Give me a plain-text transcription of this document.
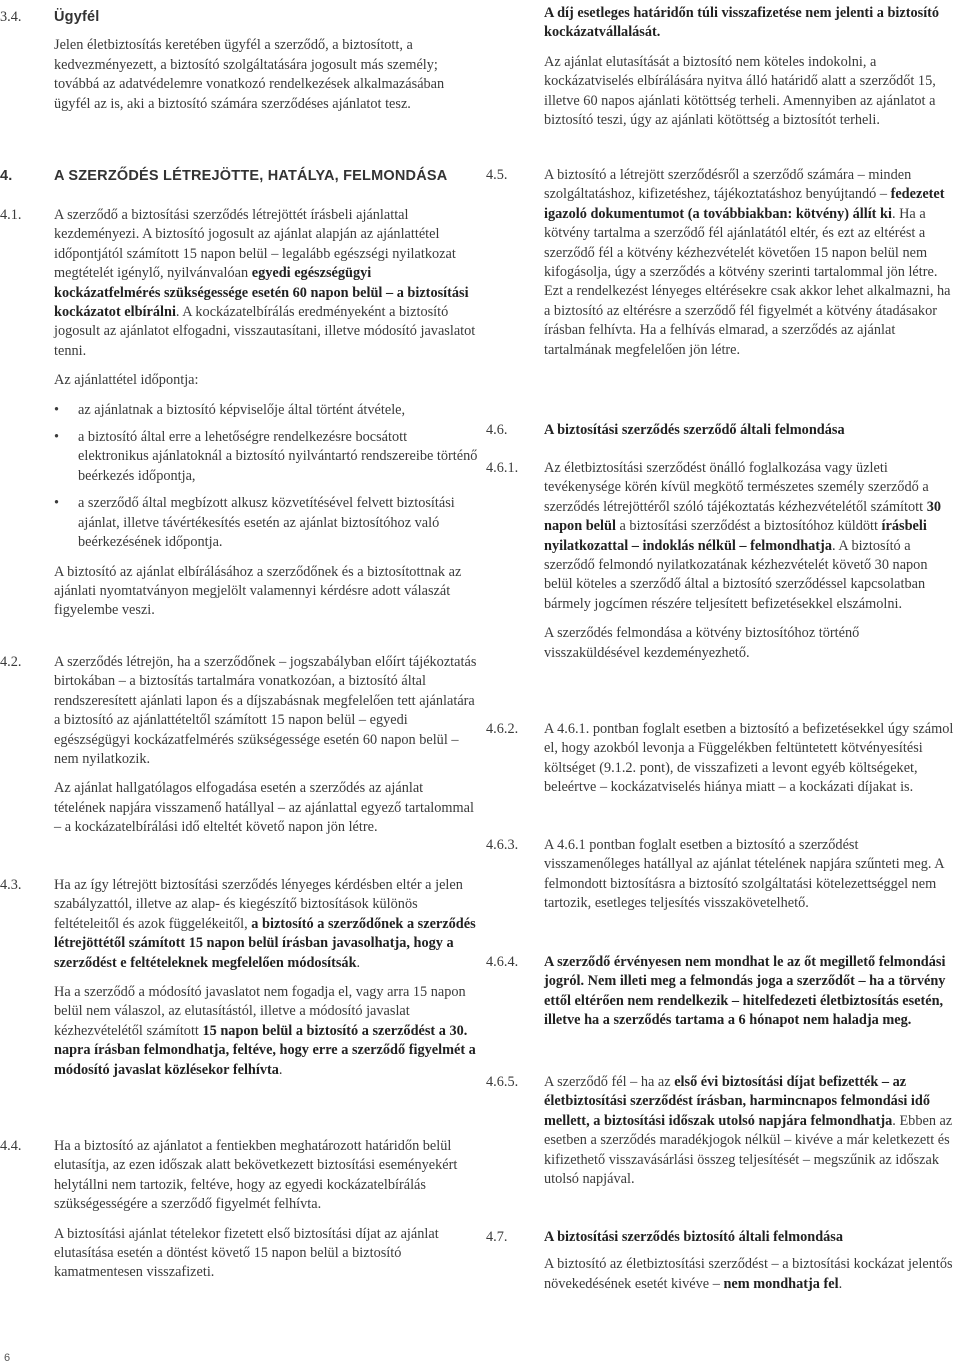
3.4. Ügyfél

Jelen életbiztosítás keretében ügyfél a szerződő, a biztosított, a kedvezményezett, a biztosító szolgáltatására jogosult más személy; továbbá az adatvédelemre vonatkozó rendelkezések alkalmazásában ügyfél az is, aki a biztosító számára szerződéses ajánlatot tesz.

4.	A SZERZŐDÉS LÉTREJÖTTE, HATÁLYA, FELMONDÁSA
4.1. A szerződő a biztosítási szerződés létrejöttét írásbeli ajánlattal kezdeményezi. A biztosító jogosult az ajánlat alapján az ajánlattétel időpontjától számított 15 napon belül – legalább egészségi nyilatkozat megtételét igénylő, nyilvánvalóan egyedi egészségügyi kockázatfelmérés szükségessége esetén 60 napon belül – a biztosítási kockázatot elbírálni. A kockázatelbírálás eredményeként a biztosító jogosult az ajánlatot elfogadni, visszautasítani, illetve módosító javaslatot tenni.

Az ajánlattétel időpontja:

• az ajánlatnak a biztosító képviselője által történt átvétele,
• a biztosító által erre a lehetőségre rendelkezésre bocsátott elektronikus ajánlatoknál a biztosító nyilvántartó rendszereibe történő beérkezés időpontja,
• a szerződő által megbízott alkusz közvetítésével felvett biztosítási ajánlat, illetve távértékesítés esetén az ajánlat biztosítóhoz való beérkezésének időpontja.

A biztosító az ajánlat elbírálásához a szerződőnek és a biztosítottnak az ajánlati nyomtatványon megjelölt valamennyi kérdésre adott válaszát figyelembe veszi.

4.2. A szerződés létrejön, ha a szerződőnek – jogszabályban előírt tájékoztatás birtokában – a biztosítás tartalmára vonatkozóan, a biztosító által rendszeresített ajánlati lapon és a díjszabásnak megfelelően tett ajánlatára a biztosító az ajánlattételtől számított 15 napon belül – egyedi egészségügyi kockázatfelmérés szükségessége esetén 60 napon belül – nem nyilatkozik.

Az ajánlat hallgatólagos elfogadása esetén a szerződés az ajánlat tételének napjára visszamenő hatállyal – az ajánlattal egyező tartalommal – a kockázatelbírálási idő elteltét követő napon jön létre.

4.3. Ha az így létrejött biztosítási szerződés lényeges kérdésben eltér a jelen szabályzattól, illetve az alap- és kiegészítő biztosítások különös feltételeitől és azok függelékeitől, a biztosító a szerződőnek a szerződés létrejöttétől számított 15 napon belül írásban javasolhatja, hogy a szerződést e feltételeknek megfelelően módosítsák.

Ha a szerződő a módosító javaslatot nem fogadja el, vagy arra 15 napon belül nem válaszol, az elutasítástól, illetve a módosító javaslat kézhezvételétől számított 15 napon belül a biztosító a szerződést a 30. napra írásban felmondhatja, feltéve, hogy erre a szerződő figyelmét a módosító javaslat közlésekor felhívta.

4.4. Ha a biztosító az ajánlatot a fentiekben meghatározott határidőn belül elutasítja, az ezen időszak alatt bekövetkezett biztosítási eseményekért helytállni nem tartozik, feltéve, hogy az egyedi kockázatelbírálás szükségességére a szerződő figyelmét felhívta.

A biztosítási ajánlat tételekor fizetett első biztosítási díjat az ajánlat elutasítása esetén a döntést követő 15 napon belül a biztosító kamatmentesen visszafizeti.

A díj esetleges határidőn túli visszafizetése nem jelenti a biztosító kockázatvállalását.

Az ajánlat elutasítását a biztosító nem köteles indokolni, a kockázatviselés elbírálására nyitva álló határidő alatt a szerződőt 15, illetve 60 napos ajánlati kötöttség terheli. Amennyiben az ajánlatot a biztosító teszi, úgy az ajánlati kötöttség a biztosítót terheli.

4.5.	A biztosító a létrejött szerződésről a szerződő számára – minden szolgáltatáshoz, kifizetéshez, tájékoztatáshoz benyújtandó – fedezetet igazoló dokumentumot (a továbbiakban: kötvény) állít ki. Ha a kötvény tartalma a szerződő fél ajánlatától eltér, és ezt az eltérést a szerződő fél a kötvény kézhezvételét követően 15 napon belül nem kifogásolja, úgy a szerződés a kötvény szerinti tartalommal jön létre. Ezt a rendelkezést lényeges eltérésekre csak akkor lehet alkalmazni, ha a biztosító az eltérésre a szerződő fél figyelmét a kötvény átadásakor írásban felhívta. Ha a felhívás elmarad, a szerződés az ajánlat tartalmának megfelelően jön létre.

4.6.	A biztosítási szerződés szerződő általi felmondása
4.6.1. Az életbiztosítási szerződést önálló foglalkozása vagy üzleti tevékenysége körén kívül megkötő természetes személy szerződő a szerződés létrejöttéről szóló tájékoztatás kézhezvételétől számított 30 napon belül a biztosítási szerződést a biztosítóhoz küldött írásbeli nyilatkozattal – indoklás nélkül – felmondhatja. A biztosító a szerződő felmondó nyilatkozatának kézhezvételét követő 30 napon belül köteles a szerződő által a biztosító szerződéssel kapcsolatban bármely jogcímen részére teljesített befizetésekkel elszámolni.

A szerződés felmondása a kötvény biztosítóhoz történő visszaküldésével kezdeményezhető.

4.6.2. A 4.6.1. pontban foglalt esetben a biztosító a befizetésekkel úgy számol el, hogy azokból levonja a Függelékben feltüntetett kötvényesítési költséget (9.1.2. pont), de visszafizeti a levont egyéb költségeket, beleértve – kockázatviselés hiánya miatt – a kockázati díjakat is.

4.6.3. A 4.6.1 pontban foglalt esetben a biztosító a szerződést visszamenőleges hatállyal az ajánlat tételének napjára szűnteti meg. A felmondott biztosításra a biztosító szolgáltatási kötelezettséggel nem tartozik, esetleges teljesítés visszakövetelhető.

4.6.4. A szerződő érvényesen nem mondhat le az őt megillető felmondási jogról. Nem illeti meg a felmondás joga a szerződőt – ha a törvény ettől eltérően nem rendelkezik – hitelfedezeti életbiztosítás esetén, illetve ha a szerződés tartama a 6 hónapot nem haladja meg.

4.6.5. A szerződő fél – ha az első évi biztosítási díjat befizették – az életbiztosítási szerződést írásban, harmincnapos felmondási idő mellett, a biztosítási időszak utolsó napjára felmondhatja. Ebben az esetben a szerződés maradékjogok nélkül – kivéve a már keletkezett és kifizethető visszavásárlási összeg teljesítését – megszűnik az időszak utolsó napjával.

4.7.	A biztosítási szerződés biztosító általi felmondása

A biztosító az életbiztosítási szerződést – a biztosítási kockázat jelentős növekedésének esetét kivéve – nem mondhatja fel.

6
